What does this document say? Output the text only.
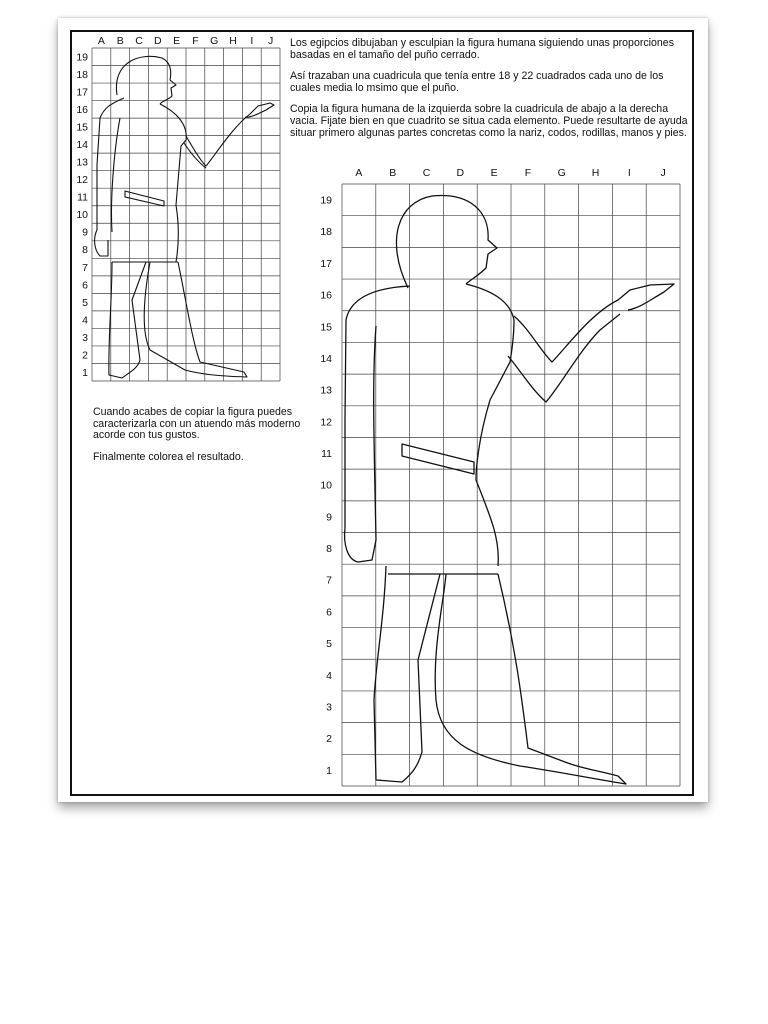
Los egipcios dibujaban y esculpian la figura humana siguiendo unas proporciones basadas en el tamaño del puño cerrado.

Así trazaban una cuadricula que tenía entre 18 y 22 cuadrados cada uno de los cuales media lo msimo que el puño.

Copia la figura humana de la izquierda sobre la cuadricula de abajo a la derecha vacia. Fijate bien en que cuadrito se situa cada elemento. Puede resultarte de ayuda situar primero algunas partes concretas como la nariz, codos, rodillas, manos y pies.

Cuando acabes de copiar la figura puedes caracterizarla con un atuendo más moderno acorde con tus gustos.

Finalmente colorea el resultado.

A B C D E F G H I J
1
2
3
4
5
6
7
8
9
10
11
12
13
14
15
16
17
18
19
A	B	C D	E	F	G H	I	J
1
2
3
4
5
6
7
8
9
10
11
12
13
14
15
16
17
18
19
